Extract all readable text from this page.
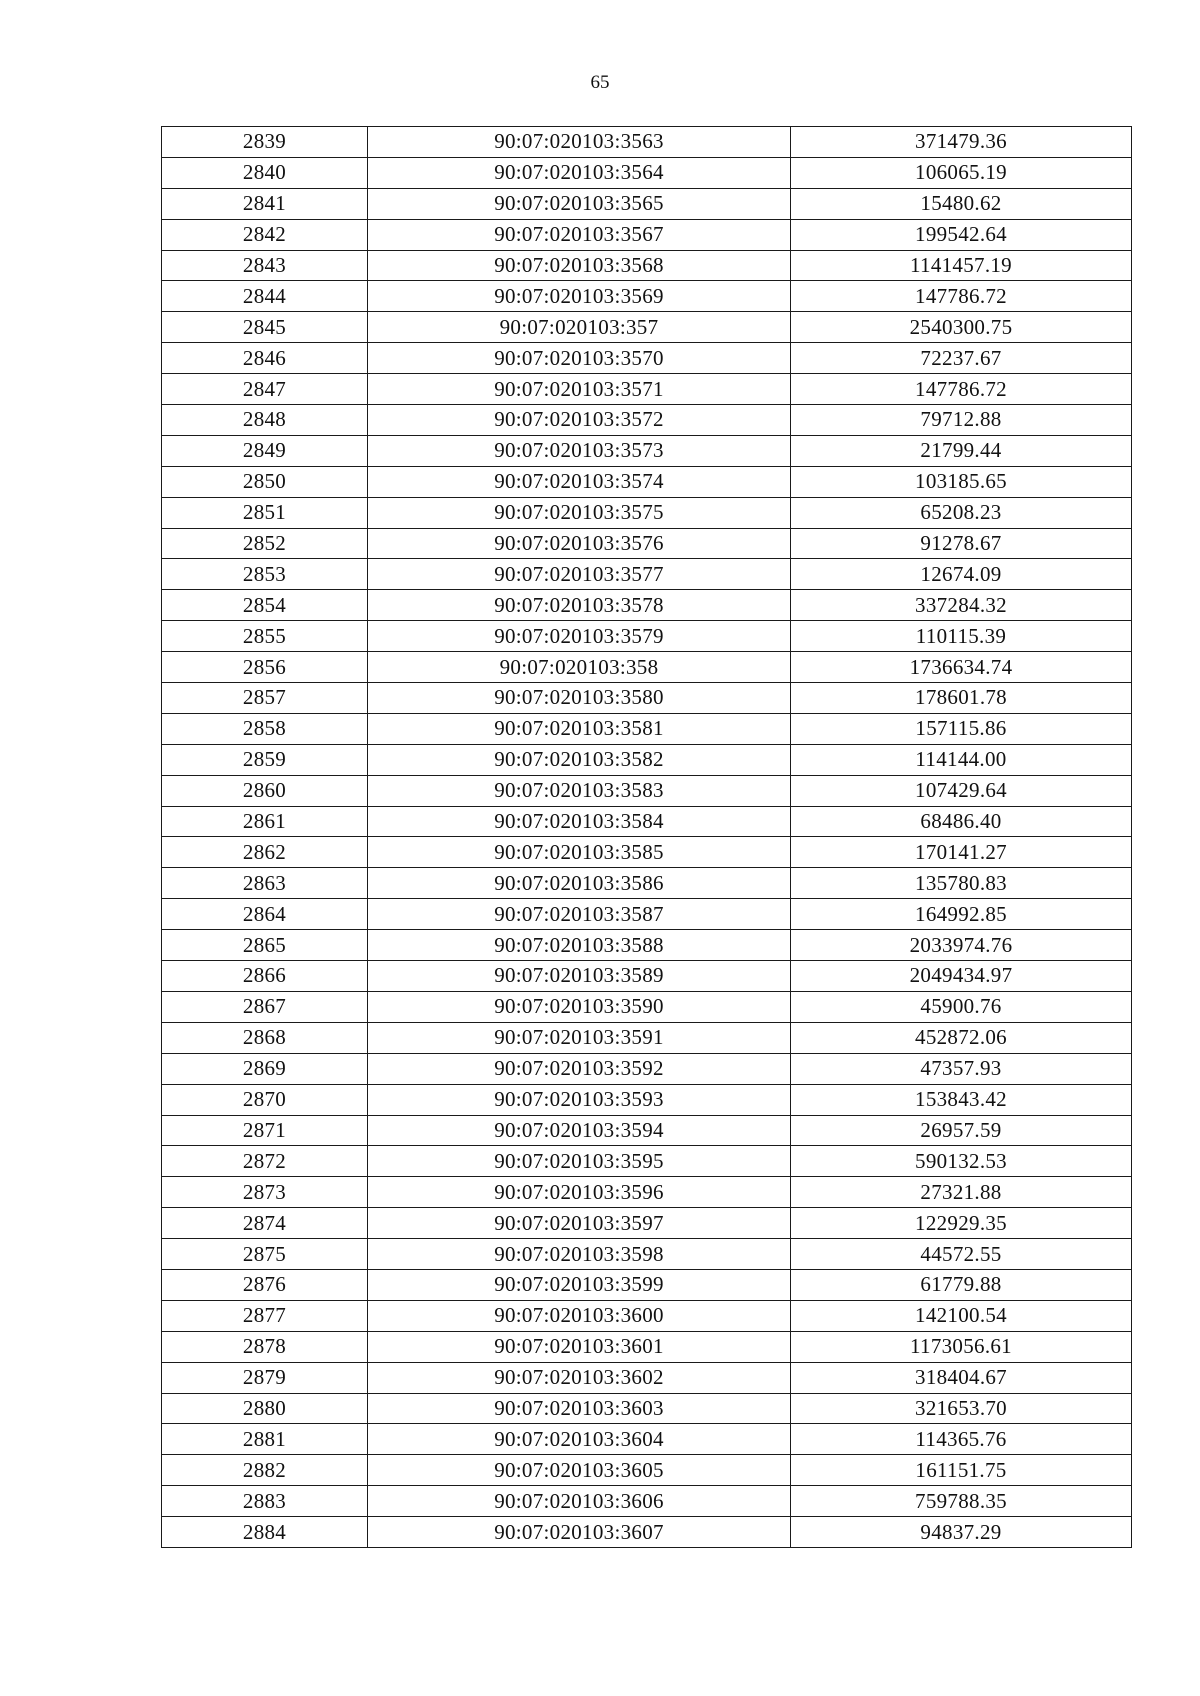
65
2839	90:07:020103:3563	371479.36
2840	90:07:020103:3564	106065.19
2841	90:07:020103:3565	15480.62
2842	90:07:020103:3567	199542.64
2843	90:07:020103:3568	1141457.19
2844	90:07:020103:3569	147786.72
2845	90:07:020103:357	2540300.75
2846	90:07:020103:3570	72237.67
2847	90:07:020103:3571	147786.72
2848	90:07:020103:3572	79712.88
2849	90:07:020103:3573	21799.44
2850	90:07:020103:3574	103185.65
2851	90:07:020103:3575	65208.23
2852	90:07:020103:3576	91278.67
2853	90:07:020103:3577	12674.09
2854	90:07:020103:3578	337284.32
2855	90:07:020103:3579	110115.39
2856	90:07:020103:358	1736634.74
2857	90:07:020103:3580	178601.78
2858	90:07:020103:3581	157115.86
2859	90:07:020103:3582	114144.00
2860	90:07:020103:3583	107429.64
2861	90:07:020103:3584	68486.40
2862	90:07:020103:3585	170141.27
2863	90:07:020103:3586	135780.83
2864	90:07:020103:3587	164992.85
2865	90:07:020103:3588	2033974.76
2866	90:07:020103:3589	2049434.97
2867	90:07:020103:3590	45900.76
2868	90:07:020103:3591	452872.06
2869	90:07:020103:3592	47357.93
2870	90:07:020103:3593	153843.42
2871	90:07:020103:3594	26957.59
2872	90:07:020103:3595	590132.53
2873	90:07:020103:3596	27321.88
2874	90:07:020103:3597	122929.35
2875	90:07:020103:3598	44572.55
2876	90:07:020103:3599	61779.88
2877	90:07:020103:3600	142100.54
2878	90:07:020103:3601	1173056.61
2879	90:07:020103:3602	318404.67
2880	90:07:020103:3603	321653.70
2881	90:07:020103:3604	114365.76
2882	90:07:020103:3605	161151.75
2883	90:07:020103:3606	759788.35
2884	90:07:020103:3607	94837.29
